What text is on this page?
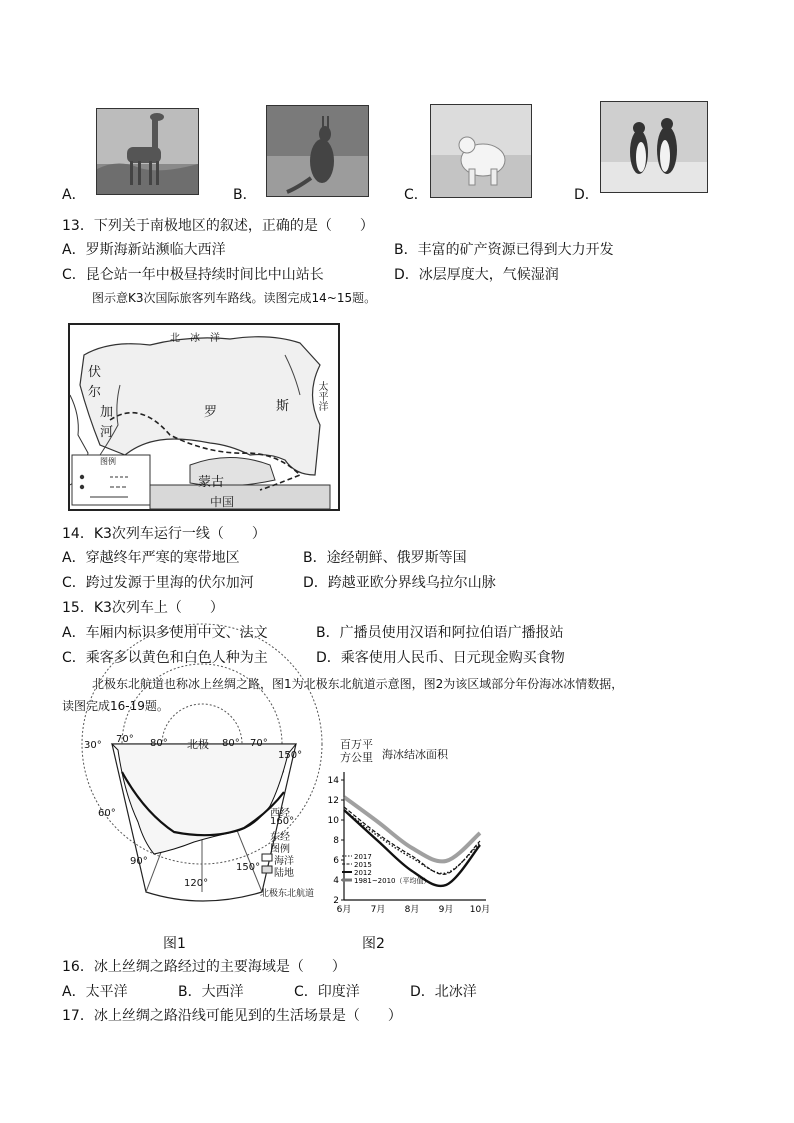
A．	B．	C．	D．
13．下列关于南极地区的叙述，正确的是（　　）
A．罗斯海新站濒临大西洋	B．丰富的矿产资源已得到大力开发
C．昆仑站一年中极昼持续时间比中山站长	D．冰层厚度大，气候湿润
图示意K3次国际旅客列车路线。读图完成14~15题。
北　冰　洋
太平洋
伏
尔
加
河
罗	斯
蒙古
中国
图例
14．K3次列车运行一线（　　）
A．穿越终年严寒的寒带地区	B．途经朝鲜、俄罗斯等国
C．跨过发源于里海的伏尔加河	D．跨越亚欧分界线乌拉尔山脉
15．K3次列车上（　　）
A．车厢内标识多使用中文、法文	B．广播员使用汉语和阿拉伯语广播报站
C．乘客多以黄色和白色人种为主	D．乘客使用人民币、日元现金购买食物
北极东北航道也称冰上丝绸之路，图1为北极东北航道示意图，图2为该区域部分年份海冰冰情数据，
读图完成16-19题。
30°
70° 80° 北极 80° 70°
150°
60°	西经
160°
东经
图例
海洋
陆地
90°
150°
120°
北极东北航道
图1
2
4
6
8
10
12
14
6月 7月 8月 9月 10月
2017
2015
2012
1981~2010（平均值）
百万平方公里 海冰结冰面积
图2
16．冰上丝绸之路经过的主要海域是（　　）
A．太平洋	B．大西洋	C．印度洋	D．北冰洋
17．冰上丝绸之路沿线可能见到的生活场景是（　　）
